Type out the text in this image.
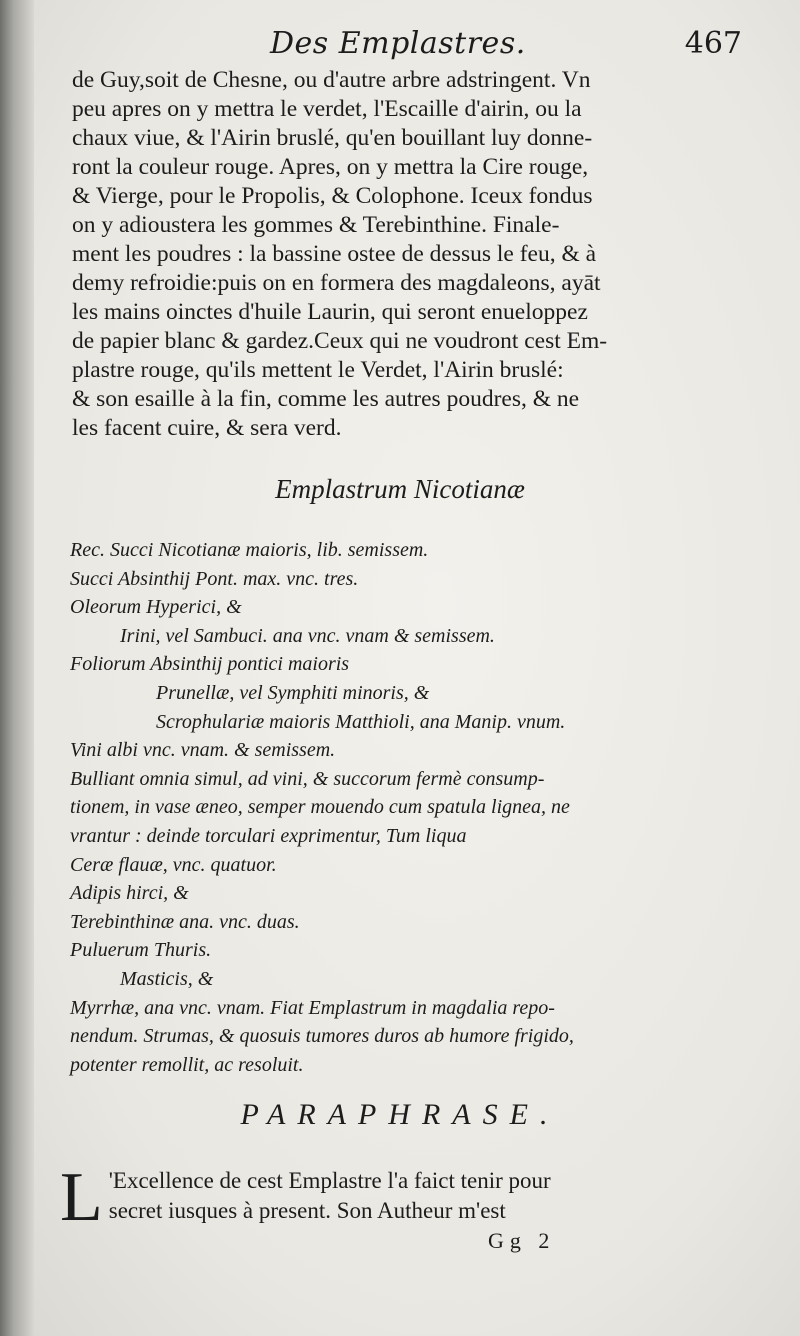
Des Emplastres.	467
de Guy,soit de Chesne, ou d'autre arbre adstringent. Vn
peu apres on y mettra le verdet, l'Escaille d'airin, ou la
chaux viue, & l'Airin bruslé, qu'en bouillant luy donne-
ront la couleur rouge. Apres, on y mettra la Cire rouge,
& Vierge, pour le Propolis, & Colophone. Iceux fondus
on y adioustera les gommes & Terebinthine. Finale-
ment les poudres : la bassine ostee de dessus le feu, & à
demy refroidie:puis on en formera des magdaleons, ayāt
les mains oinctes d'huile Laurin, qui seront enueloppez
de papier blanc & gardez.Ceux qui ne voudront cest Em-
plastre rouge, qu'ils mettent le Verdet, l'Airin bruslé:
& son esaille à la fin, comme les autres poudres, & ne
les facent cuire, & sera verd.
Emplastrum Nicotianæ
Rec. Succi Nicotianæ maioris, lib. semissem.
Succi Absinthij Pont. max. vnc. tres.
Oleorum Hyperici, &
Irini, vel Sambuci. ana vnc. vnam & semissem.
Foliorum Absinthij pontici maioris
Prunellæ, vel Symphiti minoris, &
Scrophulariæ maioris Matthioli, ana Manip. vnum.
Vini albi vnc. vnam. & semissem.
Bulliant omnia simul, ad vini, & succorum fermè consump-
tionem, in vase æneo, semper mouendo cum spatula lignea, ne
vrantur : deinde torculari exprimentur, Tum liqua
Ceræ flauæ, vnc. quatuor.
Adipis hirci, &
Terebinthinæ ana. vnc. duas.
Puluerum Thuris.
Masticis, &
Myrrhæ, ana vnc. vnam. Fiat Emplastrum in magdalia repo-
nendum. Strumas, & quosuis tumores duros ab humore frigido,
potenter remollit, ac resoluit.
PARAPHRASE.
L 'Excellence de cest Emplastre l'a faict tenir pour
secret iusques à present. Son Autheur m'est
Gg 2
